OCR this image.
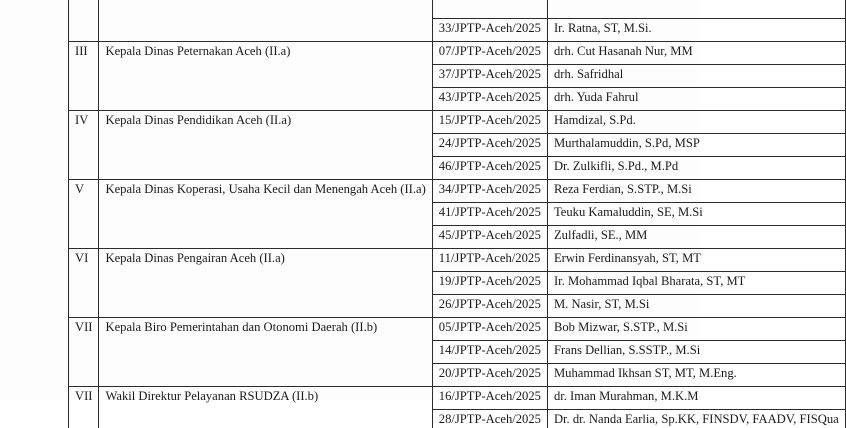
		33/JPTP-Aceh/2025	Ir. Ratna, ST, M.Si.
III	Kepala Dinas Peternakan Aceh (II.a)	07/JPTP-Aceh/2025	drh. Cut Hasanah Nur, MM
		37/JPTP-Aceh/2025	drh. Safridhal
		43/JPTP-Aceh/2025	drh. Yuda Fahrul
IV	Kepala Dinas Pendidikan Aceh (II.a)	15/JPTP-Aceh/2025	Hamdizal, S.Pd.
		24/JPTP-Aceh/2025	Murthalamuddin, S.Pd, MSP
		46/JPTP-Aceh/2025	Dr. Zulkifli, S.Pd., M.Pd
V	Kepala Dinas Koperasi, Usaha Kecil dan Menengah Aceh (II.a)	34/JPTP-Aceh/2025	Reza Ferdian, S.STP., M.Si
		41/JPTP-Aceh/2025	Teuku Kamaluddin, SE, M.Si
		45/JPTP-Aceh/2025	Zulfadli, SE., MM
VI	Kepala Dinas Pengairan Aceh (II.a)	11/JPTP-Aceh/2025	Erwin Ferdinansyah, ST, MT
		19/JPTP-Aceh/2025	Ir. Mohammad Iqbal Bharata, ST, MT
		26/JPTP-Aceh/2025	M. Nasir, ST, M.Si
VII	Kepala Biro Pemerintahan dan Otonomi Daerah (II.b)	05/JPTP-Aceh/2025	Bob Mizwar, S.STP., M.Si
		14/JPTP-Aceh/2025	Frans Dellian, S.SSTP., M.Si
		20/JPTP-Aceh/2025	Muhammad Ikhsan ST, MT, M.Eng.
VII	Wakil Direktur Pelayanan RSUDZA (II.b)	16/JPTP-Aceh/2025	dr. Iman Murahman, M.K.M
		28/JPTP-Aceh/2025	Dr. dr. Nanda Earlia, Sp.KK, FINSDV, FAADV, FISQua
